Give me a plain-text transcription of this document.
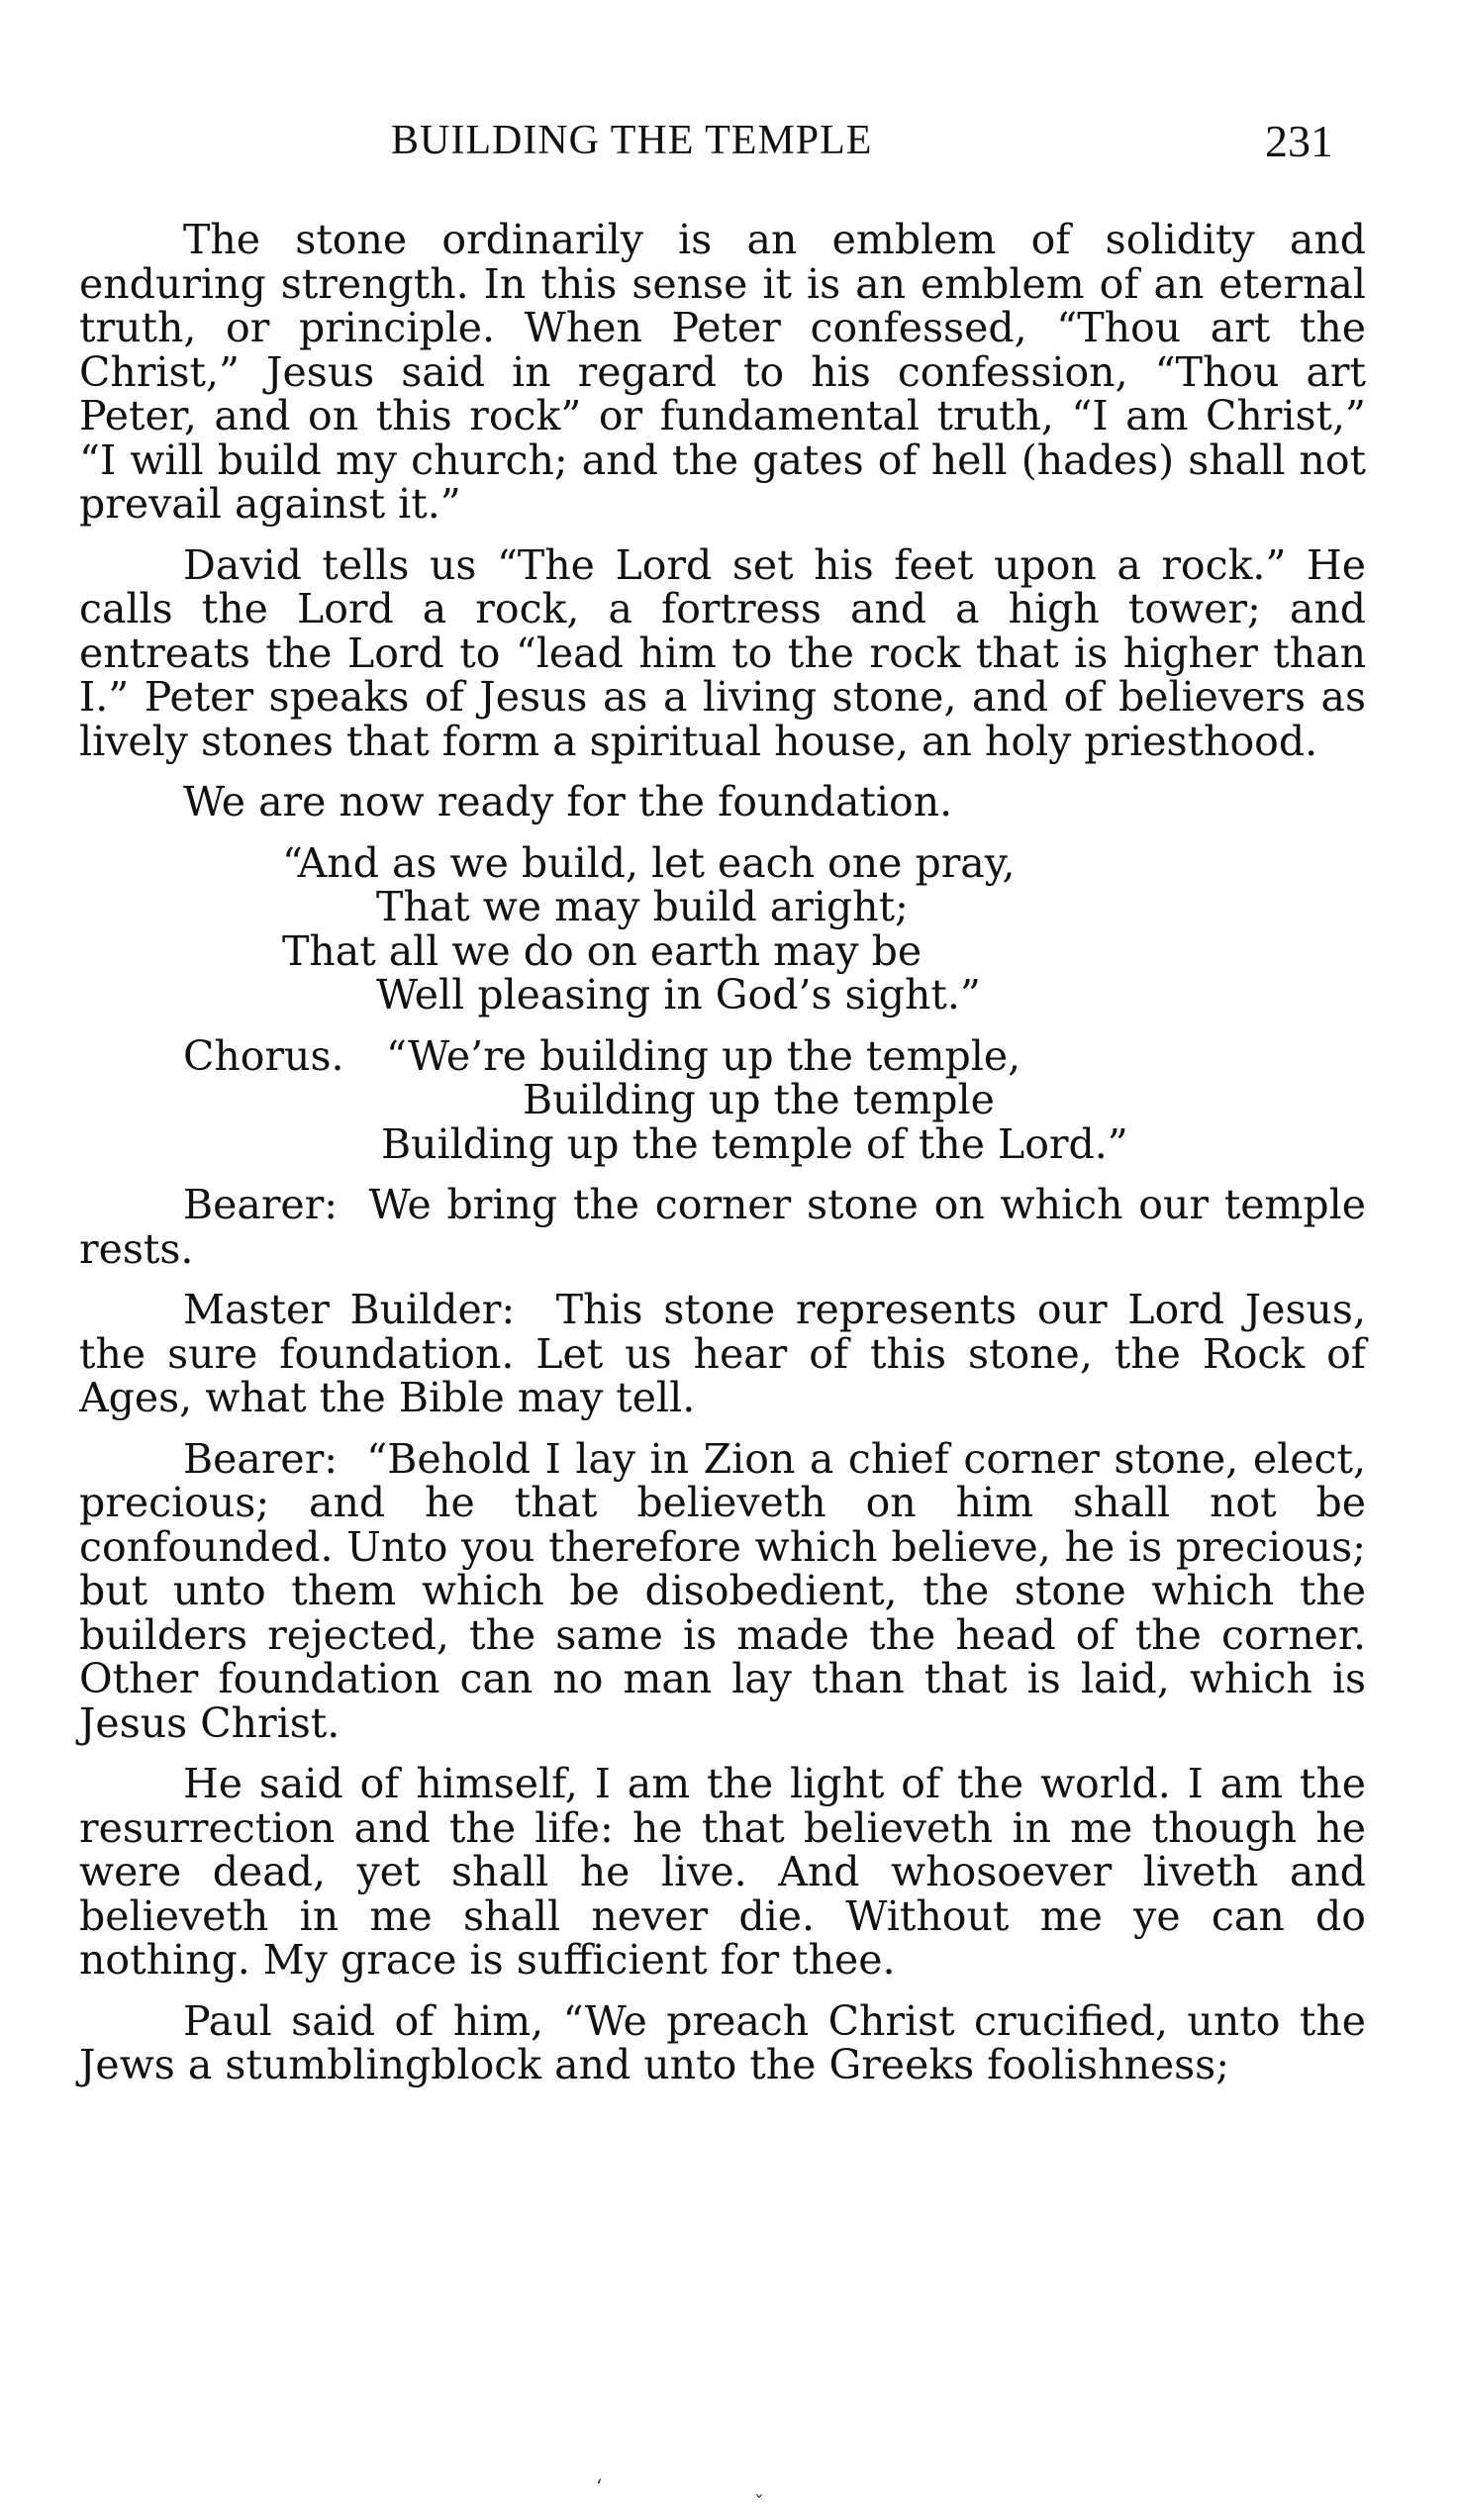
BUILDING THE TEMPLE	231

The stone ordinarily is an emblem of solidity and enduring strength. In this sense it is an emblem of an eternal truth, or principle. When Peter confessed, “Thou art the Christ,” Jesus said in regard to his confession, “Thou art Peter, and on this rock” or fundamental truth, “I am Christ,” “I will build my church; and the gates of hell (hades) shall not prevail against it.”

David tells us “The Lord set his feet upon a rock.” He calls the Lord a rock, a fortress and a high tower; and entreats the Lord to “lead him to the rock that is higher than I.” Peter speaks of Jesus as a living stone, and of believers as lively stones that form a spiritual house, an holy priesthood.

We are now ready for the foundation.

“And as we build, let each one pray,
That we may build aright;
That all we do on earth may be
Well pleasing in God’s sight.”
Chorus.	“We’re building up the temple,
Building up the temple
Building up the temple of the Lord.”

Bearer: We bring the corner stone on which our temple rests.

Master Builder: This stone represents our Lord Jesus, the sure foundation. Let us hear of this stone, the Rock of Ages, what the Bible may tell.

Bearer: “Behold I lay in Zion a chief corner stone, elect, precious; and he that believeth on him shall not be confounded. Unto you therefore which believe, he is precious; but unto them which be disobedient, the stone which the builders rejected, the same is made the head of the corner. Other foundation can no man lay than that is laid, which is Jesus Christ.

He said of himself, I am the light of the world. I am the resurrection and the life: he that believeth in me though he were dead, yet shall he live. And whosoever liveth and believeth in me shall never die. Without me ye can do nothing. My grace is sufficient for thee.

Paul said of him, “We preach Christ crucified, unto the Jews a stumblingblock and unto the Greeks foolishness;

ʻ	˯
